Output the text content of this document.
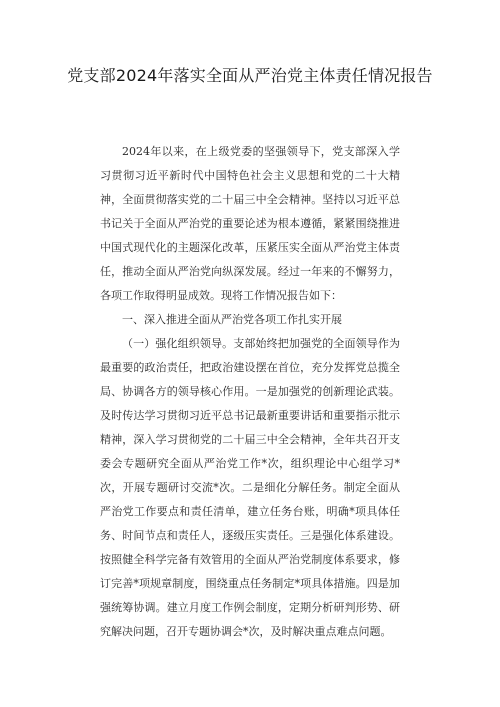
党支部2024年落实全面从严治党主体责任情况报告

2024年以来，在上级党委的坚强领导下，党支部深入学习贯彻习近平新时代中国特色社会主义思想和党的二十大精神，全面贯彻落实党的二十届三中全会精神。坚持以习近平总书记关于全面从严治党的重要论述为根本遵循，紧紧围绕推进中国式现代化的主题深化改革，压紧压实全面从严治党主体责任，推动全面从严治党向纵深发展。经过一年来的不懈努力，各项工作取得明显成效。现将工作情况报告如下：

一、深入推进全面从严治党各项工作扎实开展

（一）强化组织领导。支部始终把加强党的全面领导作为最重要的政治责任，把政治建设摆在首位，充分发挥党总揽全局、协调各方的领导核心作用。一是加强党的创新理论武装。及时传达学习贯彻习近平总书记最新重要讲话和重要指示批示精神，深入学习贯彻党的二十届三中全会精神，全年共召开支委会专题研究全面从严治党工作*次，组织理论中心组学习*次，开展专题研讨交流*次。二是细化分解任务。制定全面从严治党工作要点和责任清单，建立任务台账，明确*项具体任务、时间节点和责任人，逐级压实责任。三是强化体系建设。按照健全科学完备有效管用的全面从严治党制度体系要求，修订完善*项规章制度，围绕重点任务制定*项具体措施。四是加强统筹协调。建立月度工作例会制度，定期分析研判形势、研究解决问题，召开专题协调会*次，及时解决重点难点问题。
